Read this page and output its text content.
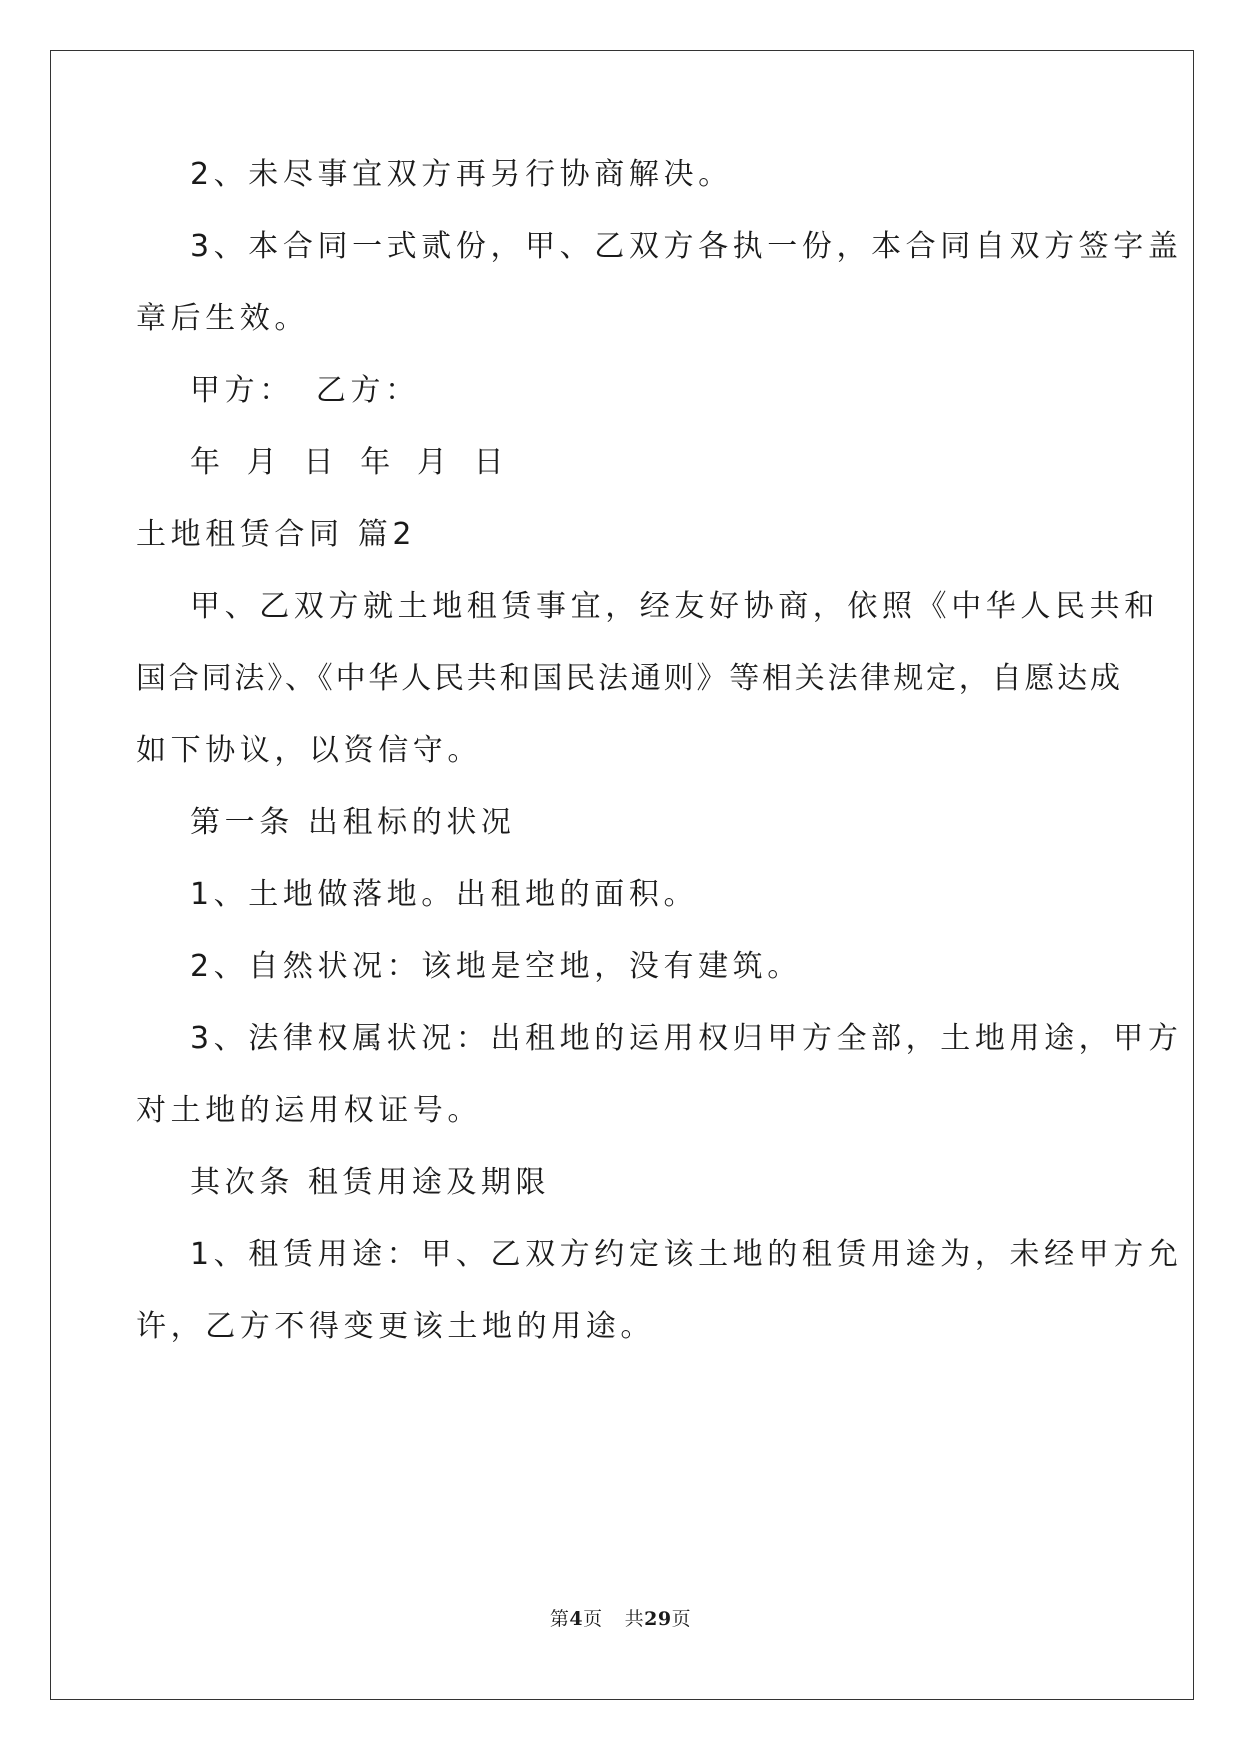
2、未尽事宜双方再另行协商解决。
3、本合同一式贰份，甲、乙双方各执一份，本合同自双方签字盖
章后生效。
甲方： 乙方：
年 月 日 年 月 日
土地租赁合同 篇2
甲、乙双方就土地租赁事宜，经友好协商，依照《中华人民共和
国合同法》、《中华人民共和国民法通则》等相关法律规定，自愿达成
如下协议，以资信守。
第一条 出租标的状况
1、土地做落地。出租地的面积。
2、自然状况：该地是空地，没有建筑。
3、法律权属状况：出租地的运用权归甲方全部，土地用途，甲方
对土地的运用权证号。
其次条 租赁用途及期限
1、租赁用途：甲、乙双方约定该土地的租赁用途为，未经甲方允
许，乙方不得变更该土地的用途。
第4页 共29页
